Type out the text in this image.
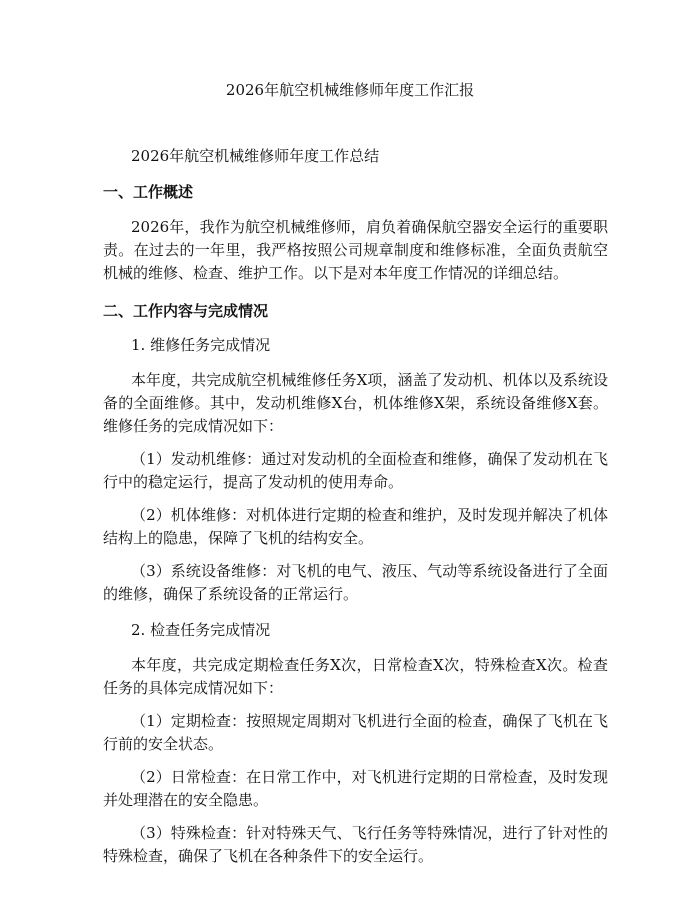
2026年航空机械维修师年度工作汇报

2026年航空机械维修师年度工作总结

一、工作概述

2026年，我作为航空机械维修师，肩负着确保航空器安全运行的重要职责。在过去的一年里，我严格按照公司规章制度和维修标准，全面负责航空机械的维修、检查、维护工作。以下是对本年度工作情况的详细总结。

二、工作内容与完成情况

1. 维修任务完成情况

本年度，共完成航空机械维修任务X项，涵盖了发动机、机体以及系统设备的全面维修。其中，发动机维修X台，机体维修X架，系统设备维修X套。维修任务的完成情况如下：

（1）发动机维修：通过对发动机的全面检查和维修，确保了发动机在飞行中的稳定运行，提高了发动机的使用寿命。

（2）机体维修：对机体进行定期的检查和维护，及时发现并解决了机体结构上的隐患，保障了飞机的结构安全。

（3）系统设备维修：对飞机的电气、液压、气动等系统设备进行了全面的维修，确保了系统设备的正常运行。

2. 检查任务完成情况

本年度，共完成定期检查任务X次，日常检查X次，特殊检查X次。检查任务的具体完成情况如下：

（1）定期检查：按照规定周期对飞机进行全面的检查，确保了飞机在飞行前的安全状态。

（2）日常检查：在日常工作中，对飞机进行定期的日常检查，及时发现并处理潜在的安全隐患。

（3）特殊检查：针对特殊天气、飞行任务等特殊情况，进行了针对性的特殊检查，确保了飞机在各种条件下的安全运行。
